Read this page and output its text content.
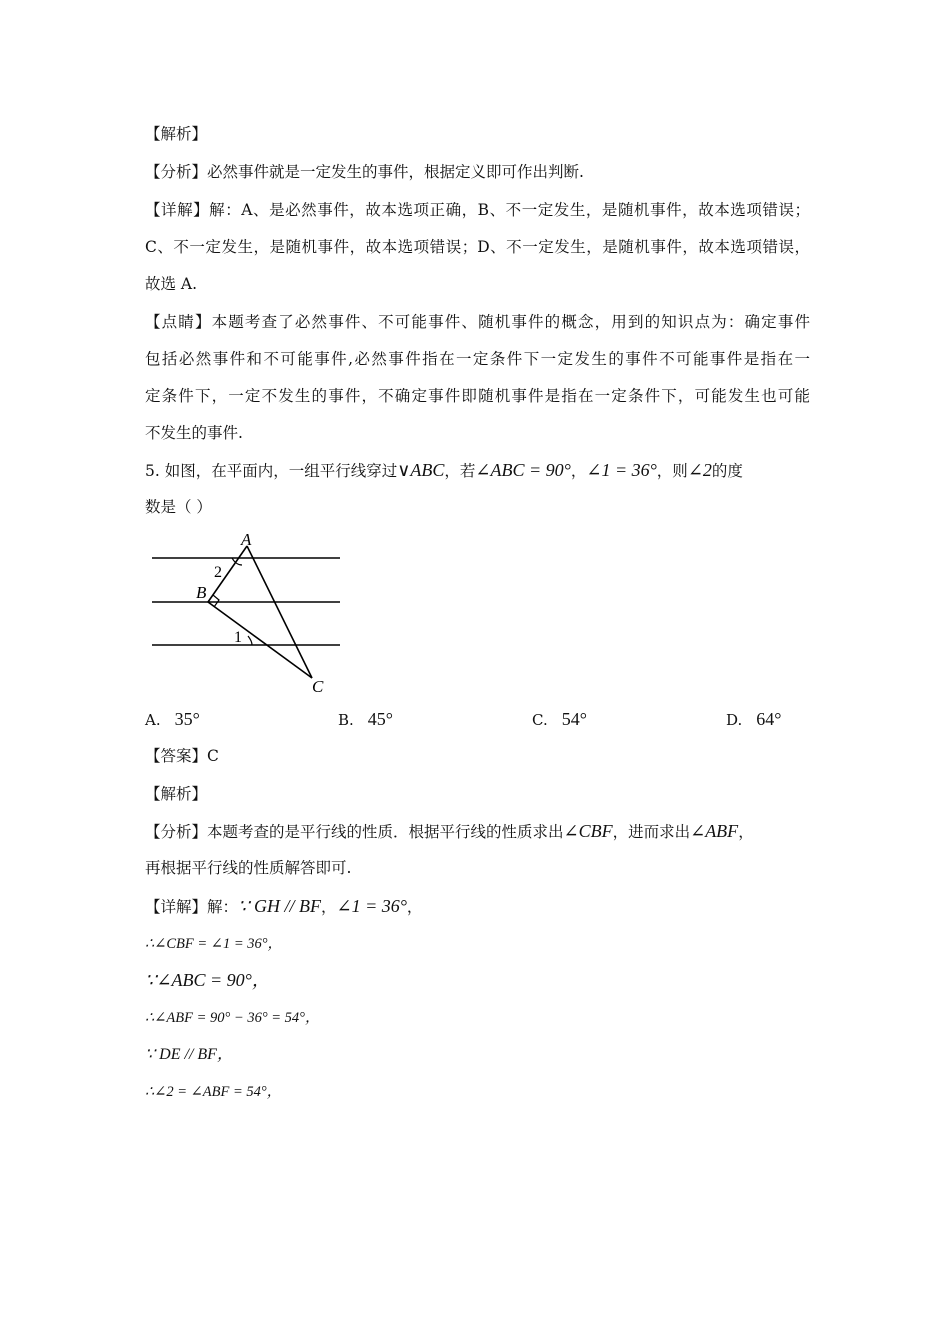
【解析】
【分析】必然事件就是一定发生的事件，根据定义即可作出判断.
【详解】解：A、是必然事件，故本选项正确，B、不一定发生，是随机事件，故本选项错误；
C、不一定发生，是随机事件，故本选项错误；D、不一定发生，是随机事件，故本选项错误，
故选 A.
【点睛】本题考查了必然事件、不可能事件、随机事件的概念，用到的知识点为：确定事件
包括必然事件和不可能事件,必然事件指在一定条件下一定发生的事件不可能事件是指在一
定条件下，一定不发生的事件，不确定事件即随机事件是指在一定条件下，可能发生也可能
不发生的事件.
5. 如图，在平面内，一组平行线穿过∨ABC，若∠ABC = 90°，∠1 = 36°，则∠2的度
数是（ ）
A
B
C
2
1
A. 35°	B. 45°	C. 54°	D. 64°
【答案】C
【解析】
【分析】本题考查的是平行线的性质．根据平行线的性质求出∠CBF，进而求出∠ABF，
再根据平行线的性质解答即可.
【详解】解：∵ GH // BF，∠1 = 36°，
∴∠CBF = ∠1 = 36°，
∵∠ABC = 90°，
∴∠ABF = 90° − 36° = 54°，
∵ DE // BF，
∴∠2 = ∠ABF = 54°，
